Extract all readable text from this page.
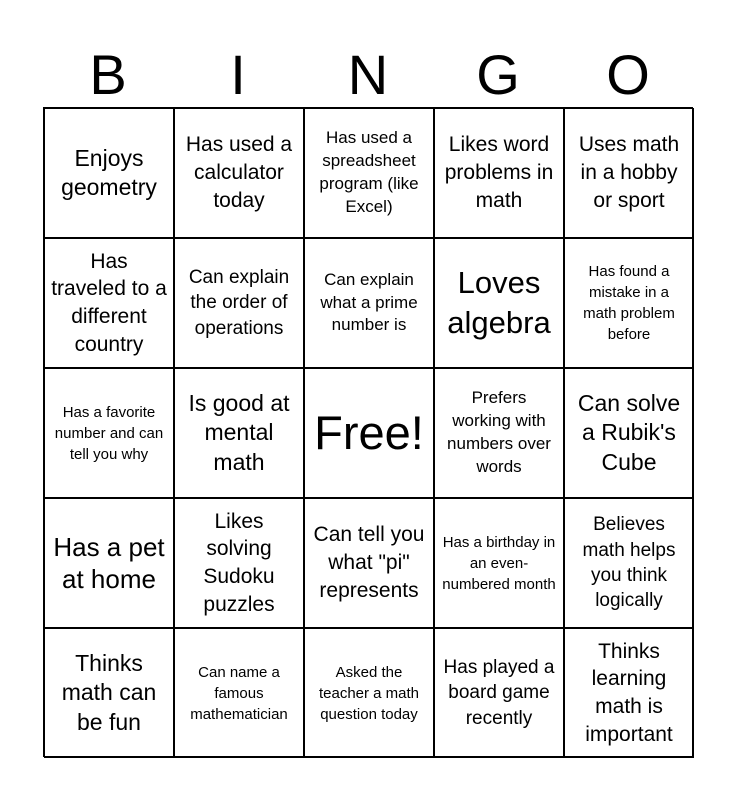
B	I	N	G	O
Enjoys geometry
Has used a calculator today
Has used a spreadsheet program (like Excel)
Likes word problems in math
Uses math in a hobby or sport
Has traveled to a different country
Can explain the order of operations
Can explain what a prime number is
Loves algebra
Has found a mistake in a math problem before
Has a favorite number and can tell you why
Is good at mental math
Free!
Prefers working with numbers over words
Can solve a Rubik's Cube
Has a pet at home
Likes solving Sudoku puzzles
Can tell you what "pi" represents
Has a birthday in an even-numbered month
Believes math helps you think logically
Thinks math can be fun
Can name a famous mathematician
Asked the teacher a math question today
Has played a board game recently
Thinks learning math is important
